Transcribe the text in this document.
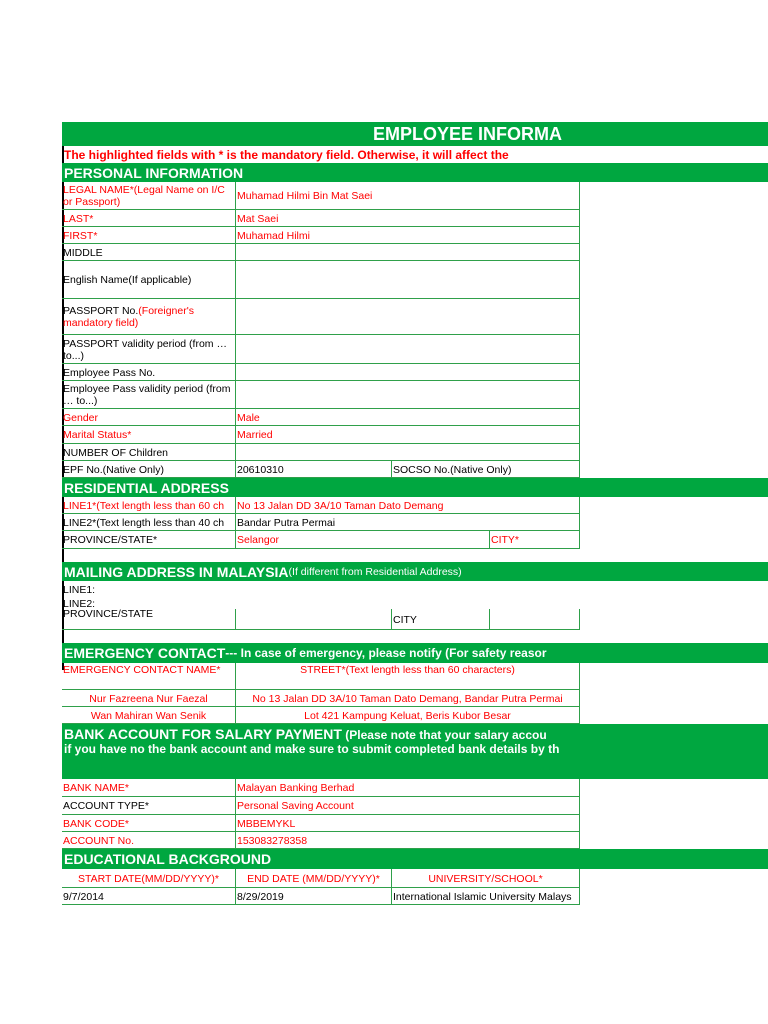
EMPLOYEE INFORMA
The highlighted fields with * is the mandatory field. Otherwise, it will affect the
PERSONAL INFORMATION
LEGAL NAME*(Legal Name on I/C or Passport)	Muhamad Hilmi Bin Mat Saei
LAST*	Mat Saei
FIRST*	Muhamad Hilmi
MIDDLE
English Name(If applicable)
PASSPORT No.(Foreigner's mandatory field)
PASSPORT validity period (from … to...)
Employee Pass No.
Employee Pass validity period (from … to...)
Gender	Male
Marital Status*	Married
NUMBER OF Children
EPF No.(Native Only)	20610310	SOCSO No.(Native Only)
RESIDENTIAL ADDRESS
LINE1*(Text length less than 60 ch	No 13 Jalan DD 3A/10 Taman Dato Demang
LINE2*(Text length less than 40 ch	Bandar Putra Permai
PROVINCE/STATE*	Selangor	CITY*
MAILING ADDRESS IN MALAYSIA (If different from Residential Address)
LINE1:
LINE2:
PROVINCE/STATE	CITY
EMERGENCY CONTACT --- In case of emergency, please notify (For safety reasor
EMERGENCY CONTACT NAME*	STREET*(Text length less than 60 characters)
Nur Fazreena Nur Faezal	No 13 Jalan DD 3A/10 Taman Dato Demang, Bandar Putra Permai
Wan Mahiran Wan Senik	Lot 421 Kampung Keluat, Beris Kubor Besar
BANK ACCOUNT FOR SALARY PAYMENT (Please note that your salary accou
if you have no the bank account and make sure to submit completed bank details by th
BANK NAME*	Malayan Banking Berhad
ACCOUNT TYPE*	Personal Saving Account
BANK CODE*	MBBEMYKL
ACCOUNT No.	153083278358
EDUCATIONAL BACKGROUND
START DATE(MM/DD/YYYY)*	END DATE (MM/DD/YYYY)*	UNIVERSITY/SCHOOL*
9/7/2014	8/29/2019	International Islamic University Malays
